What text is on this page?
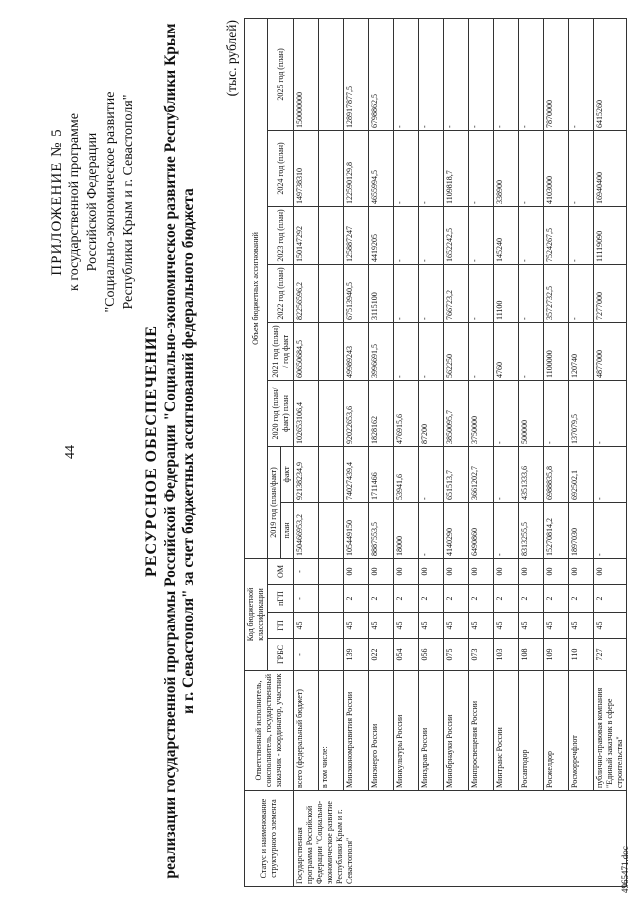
44
ПРИЛОЖЕНИЕ № 5 к государственной программе Российской Федерации "Социально-экономическое развитие Республики Крым и г. Севастополя"
РЕСУРСНОЕ ОБЕСПЕЧЕНИЕ реализации государственной программы Российской Федерации "Социально-экономическое развитие Республики Крым и г. Севастополя" за счет бюджетных ассигнований федерального бюджета
(тыс. рублей)
Статус и наименование структурного элемента	Ответственный исполнитель, соисполнитель, государственный заказчик - координатор, участник	Код бюджетной классификации				Объем бюджетных ассигнований							
		ГРБС	ГП	пГП	ОМ	2019 год (план/факт)		2020 год (план/факт) план	2021 год (план) / год факт	2022 год (план)	2023 год (план)	2024 год (план)	2025 год (план)
						план	факт						
Государственная программа Российской Федерации "Социально-экономическое развитие Республики Крым и г. Севастополя"	всего (федеральный бюджет)	-	45	-	-	150466953,2	92138234,9	102653106,4	60650684,5	82256596,2	150147292	149738310	150000000
	в том числе:												
	Минэкономразвития России	139	45	2	00	105449150	74027439,4	92022653,6	49989243	67513940,5	125887247	122590129,8	128917877,5
	Минэнерго России	022	45	2	00	8887553,5	1711466	1828162	3996691,5	3115100	4419205	4655994,5	6798862,5
	Минкультуры России	054	45	2	00	18000	53941,6	476915,6	-	-	-	-	-
	Минздрав России	056	45	2	00	-	-	87200	-	-	-	-	-
	Минобрнауки России	075	45	2	00	4140290	651513,7	3850095,7	562250	766723,2	1652242,5	1109818,7	-
	Минпросвещения России	073	45	2	00	6490860	3661202,7	3750000	-	-	-	-	-
	Минтранс России	103	45	2	00	-	-	-	4760	11100	145240	338900	-
	Росавтодор	108	45	2	00	8313255,5	4351333,6	500000	-	-	-	-	-
	Росжелдор	109	45	2	00	15270814,2	6988835,8	-	1100000	3572732,5	7524267,5	4103000	7870000
	Росморречфлот	110	45	2	00	1897030	692502,1	137079,5	120740	-	-	-	-
	публично-правовая компания "Единый заказчик в сфере строительства"	727	45	2	00	-	-	-	4877000	7277000	11119090	16940400	6415260
4965471.doc
